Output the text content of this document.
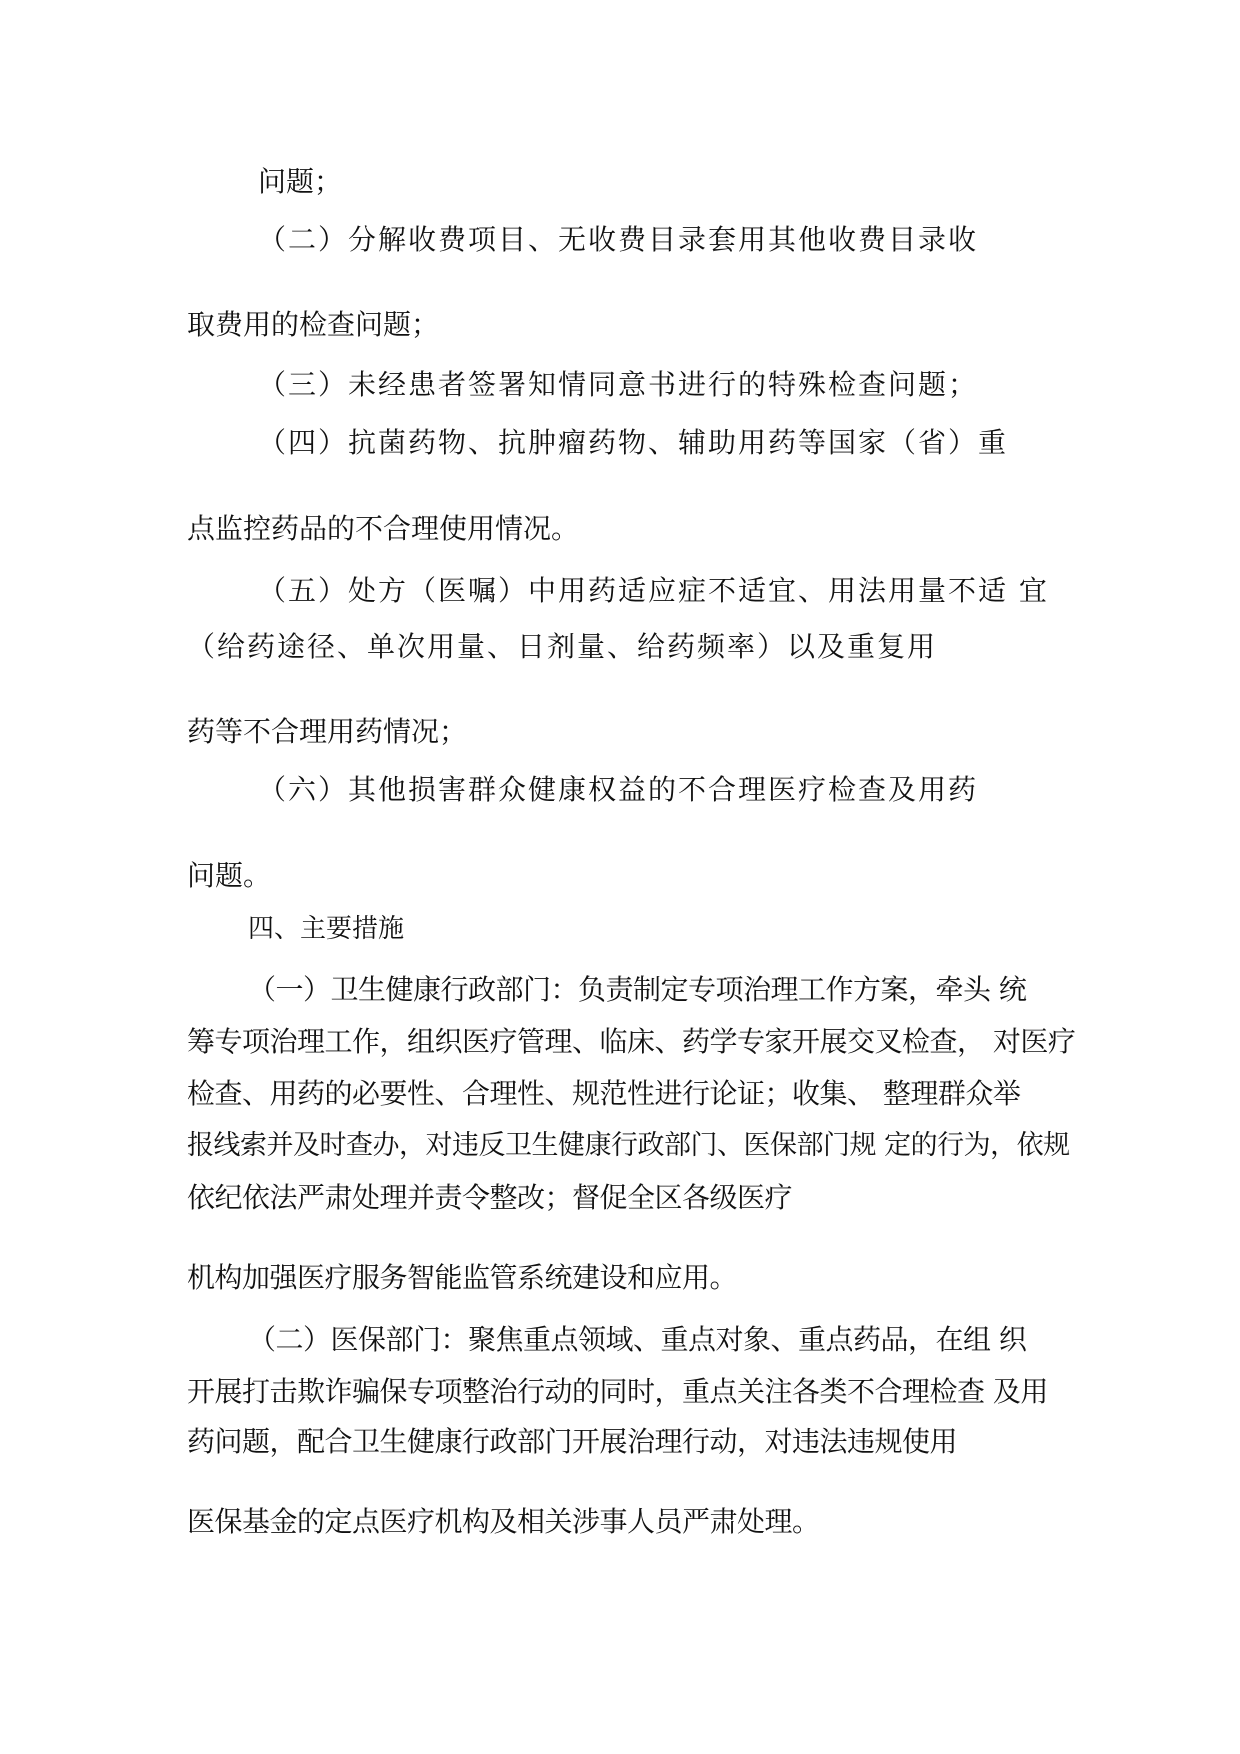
问题；

（二）分解收费项目、无收费目录套用其他收费目录收

取费用的检查问题；

（三）未经患者签署知情同意书进行的特殊检查问题；

（四）抗菌药物、抗肿瘤药物、辅助用药等国家（省）重

点监控药品的不合理使用情况。

（五）处方（医嘱）中用药适应症不适宜、用法用量不适 宜

（给药途径、单次用量、日剂量、给药频率）以及重复用

药等不合理用药情况；

（六）其他损害群众健康权益的不合理医疗检查及用药

问题。

四、主要措施

（一）卫生健康行政部门：负责制定专项治理工作方案，牵头 统

筹专项治理工作，组织医疗管理、临床、药学专家开展交叉检查， 对医疗

检查、用药的必要性、合理性、规范性进行论证；收集、 整理群众举

报线索并及时查办，对违反卫生健康行政部门、医保部门规 定的行为，依规

依纪依法严肃处理并责令整改；督促全区各级医疗

机构加强医疗服务智能监管系统建设和应用。

（二）医保部门：聚焦重点领域、重点对象、重点药品，在组 织

开展打击欺诈骗保专项整治行动的同时，重点关注各类不合理检查 及用

药问题，配合卫生健康行政部门开展治理行动，对违法违规使用

医保基金的定点医疗机构及相关涉事人员严肃处理。
